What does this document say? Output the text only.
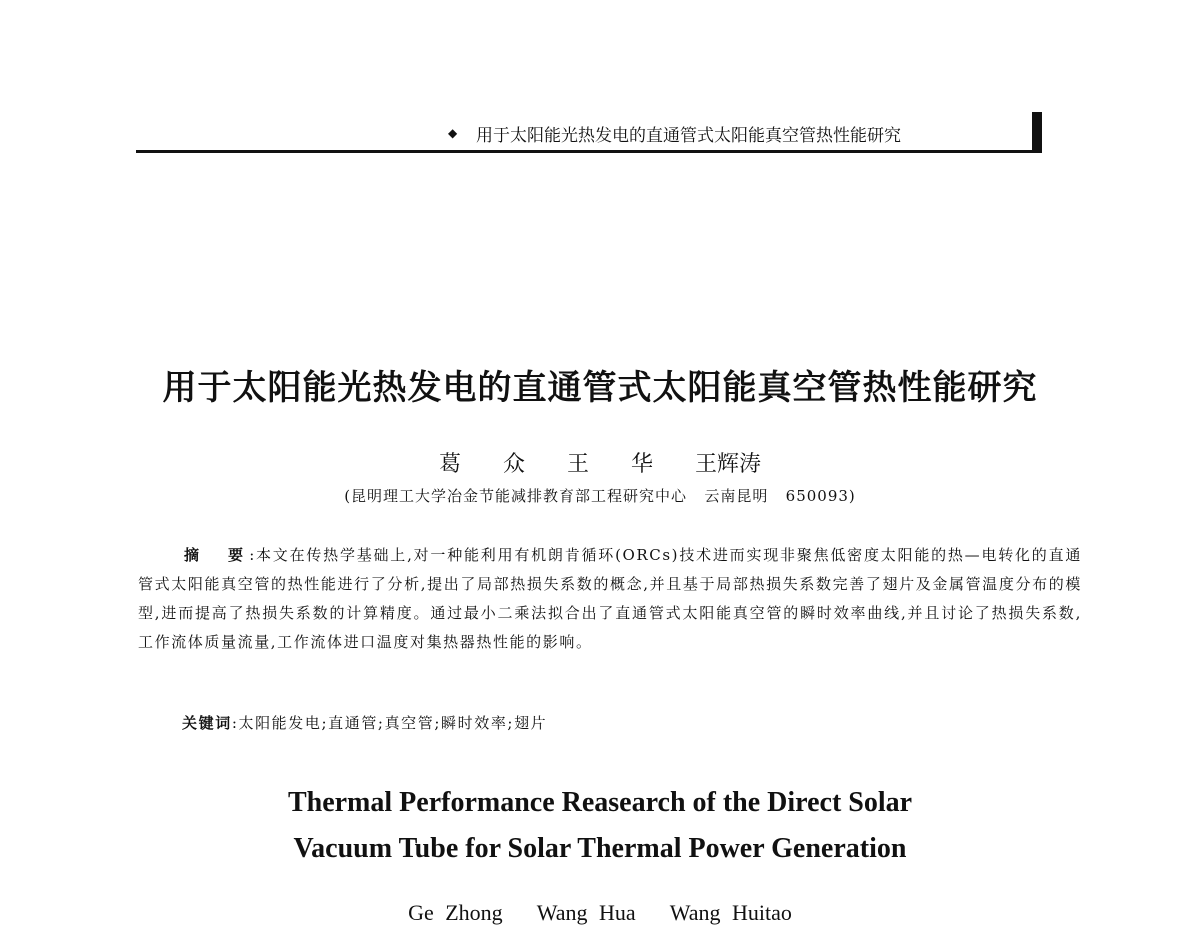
◆ 用于太阳能光热发电的直通管式太阳能真空管热性能研究
用于太阳能光热发电的直通管式太阳能真空管热性能研究
葛  众  王  华  王辉涛
(昆明理工大学冶金节能减排教育部工程研究中心   云南昆明   650093)
摘  要:本文在传热学基础上,对一种能利用有机朗肯循环(ORCs)技术进而实现非聚焦低密度太阳能的热—电转化的直通管式太阳能真空管的热性能进行了分析,提出了局部热损失系数的概念,并且基于局部热损失系数完善了翅片及金属管温度分布的模型,进而提高了热损失系数的计算精度。通过最小二乘法拟合出了直通管式太阳能真空管的瞬时效率曲线,并且讨论了热损失系数,工作流体质量流量,工作流体进口温度对集热器热性能的影响。
关键词:太阳能发电;直通管;真空管;瞬时效率;翅片
Thermal Performance Reasearch of the Direct Solar
Vacuum Tube for Solar Thermal Power Generation
Ge Zhong   Wang Hua   Wang Huitao
